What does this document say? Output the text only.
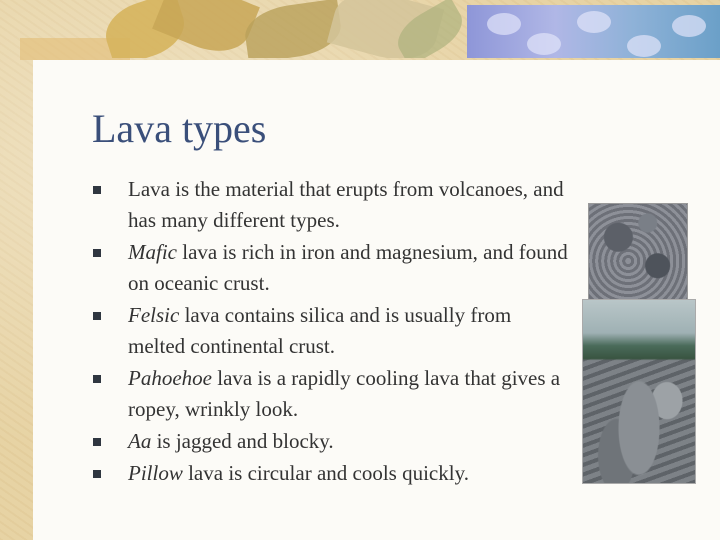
Lava types
Lava is the material that erupts from volcanoes, and has many different types.
Mafic lava is rich in iron and magnesium, and found on oceanic crust.
Felsic lava contains silica and is usually from melted continental crust.
Pahoehoe lava is a rapidly cooling lava that gives a ropey, wrinkly look.
Aa is jagged and blocky.
Pillow lava is circular and cools quickly.
